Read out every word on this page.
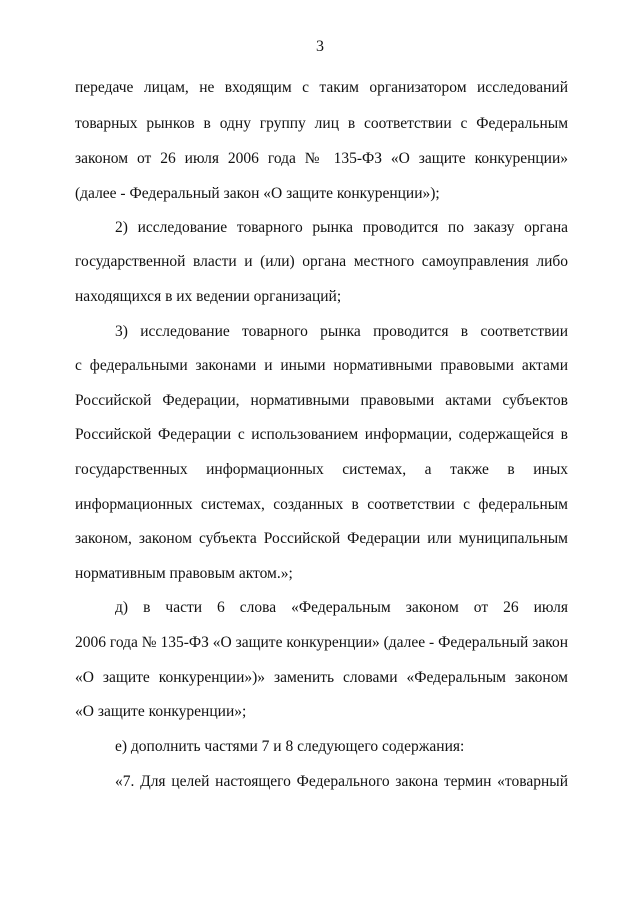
3
передаче лицам, не входящим с таким организатором исследований
товарных рынков в одну группу лиц в соответствии с Федеральным
законом от 26 июля 2006 года № 135-ФЗ «О защите конкуренции»
(далее - Федеральный закон «О защите конкуренции»);
2) исследование товарного рынка проводится по заказу органа
государственной власти и (или) органа местного самоуправления либо
находящихся в их ведении организаций;
3) исследование товарного рынка проводится в соответствии
с федеральными законами и иными нормативными правовыми актами
Российской Федерации, нормативными правовыми актами субъектов
Российской Федерации с использованием информации, содержащейся в
государственных информационных системах, а также в иных
информационных системах, созданных в соответствии с федеральным
законом, законом субъекта Российской Федерации или муниципальным
нормативным правовым актом.»;
д) в части 6 слова «Федеральным законом от 26 июля
2006 года № 135-ФЗ «О защите конкуренции» (далее - Федеральный закон
«О защите конкуренции»)» заменить словами «Федеральным законом
«О защите конкуренции»;
е) дополнить частями 7 и 8 следующего содержания:
«7. Для целей настоящего Федерального закона термин «товарный
